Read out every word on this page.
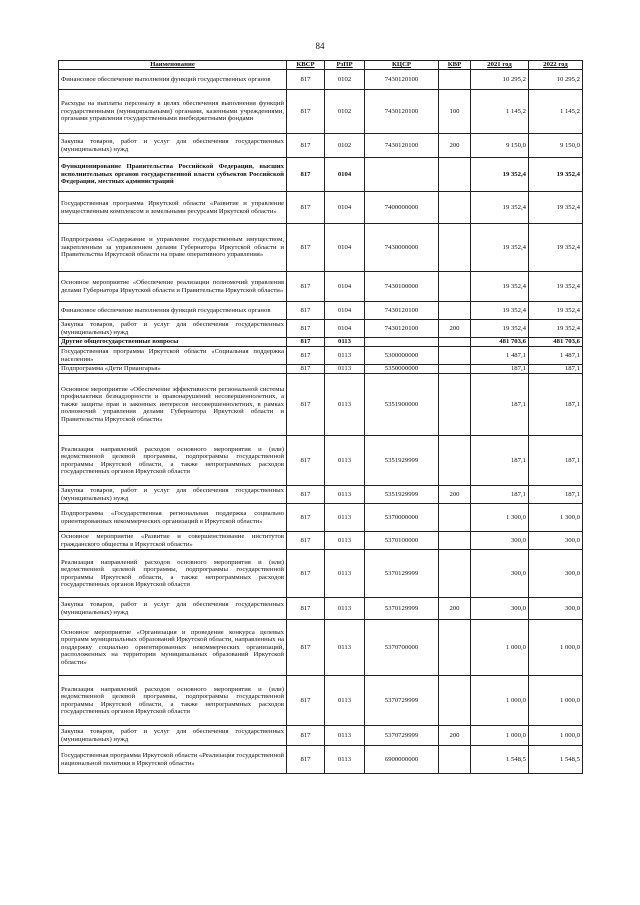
84
Наименование	КВСР	РзПР	КЦСР	КВР	2021 год	2022 год
Финансовое обеспечение выполнения функций государственных органов	817	0102	7430120100		10 295,2	10 295,2
Расходы на выплаты персоналу в целях обеспечения выполнения функций государственными (муниципальными) органами, казенными учреждениями, органами управления государственными внебюджетными фондами	817	0102	7430120100	100	1 145,2	1 145,2
Закупка товаров, работ и услуг для обеспечения государственных (муниципальных) нужд	817	0102	7430120100	200	9 150,0	9 150,0
Функционирование Правительства Российской Федерации, высших исполнительных органов государственной власти субъектов Российской Федерации, местных администраций	817	0104			19 352,4	19 352,4
Государственная программа Иркутской области «Развитие и управление имущественным комплексом и земельными ресурсами Иркутской области»	817	0104	7400000000		19 352,4	19 352,4
Подпрограмма «Содержание и управление государственным имуществом, закрепленным за управлением делами Губернатора Иркутской области и Правительства Иркутской области на праве оперативного управления»	817	0104	7430000000		19 352,4	19 352,4
Основное мероприятие «Обеспечение реализации полномочий управления делами Губернатора Иркутской области и Правительства Иркутской области»	817	0104	7430100000		19 352,4	19 352,4
Финансовое обеспечение выполнения функций государственных органов	817	0104	7430120100		19 352,4	19 352,4
Закупка товаров, работ и услуг для обеспечения государственных (муниципальных) нужд	817	0104	7430120100	200	19 352,4	19 352,4
Другие общегосударственные вопросы	817	0113			481 703,6	481 703,6
Государственная программа Иркутской области «Социальная поддержка населения»	817	0113	5300000000		1 487,1	1 487,1
Подпрограмма «Дети Приангарья»	817	0113	5350000000		187,1	187,1
Основное мероприятие «Обеспечение эффективности региональной системы профилактики безнадзорности и правонарушений несовершеннолетних, а также защиты прав и законных интересов несовершеннолетних, в рамках полномочий управления делами Губернатора Иркутской области и Правительства Иркутской области»	817	0113	5351900000		187,1	187,1
Реализация направлений расходов основного мероприятия и (или) ведомственной целевой программы, подпрограммы государственной программы Иркутской области, а также непрограммных расходов государственных органов Иркутской области	817	0113	5351929999		187,1	187,1
Закупка товаров, работ и услуг для обеспечения государственных (муниципальных) нужд	817	0113	5351929999	200	187,1	187,1
Подпрограмма «Государственная региональная поддержка социально ориентированных некоммерческих организаций в Иркутской области»	817	0113	5370000000		1 300,0	1 300,0
Основное мероприятие «Развитие и совершенствование институтов гражданского общества в Иркутской области»	817	0113	5370100000		300,0	300,0
Реализация направлений расходов основного мероприятия и (или) ведомственной целевой программы, подпрограммы государственной программы Иркутской области, а также непрограммных расходов государственных органов Иркутской области	817	0113	5370129999		300,0	300,0
Закупка товаров, работ и услуг для обеспечения государственных (муниципальных) нужд	817	0113	5370129999	200	300,0	300,0
Основное мероприятие «Организация и проведение конкурса целевых программ муниципальных образований Иркутской области, направленных на поддержку социально ориентированных некоммерческих организаций, расположенных на территории муниципальных образований Иркутской области»	817	0113	5370700000		1 000,0	1 000,0
Реализация направлений расходов основного мероприятия и (или) ведомственной целевой программы, подпрограммы государственной программы Иркутской области, а также непрограммных расходов государственных органов Иркутской области	817	0113	5370729999		1 000,0	1 000,0
Закупка товаров, работ и услуг для обеспечения государственных (муниципальных) нужд	817	0113	5370729999	200	1 000,0	1 000,0
Государственная программа Иркутской области «Реализация государственной национальной политики в Иркутской области»	817	0113	6900000000		1 548,5	1 548,5
